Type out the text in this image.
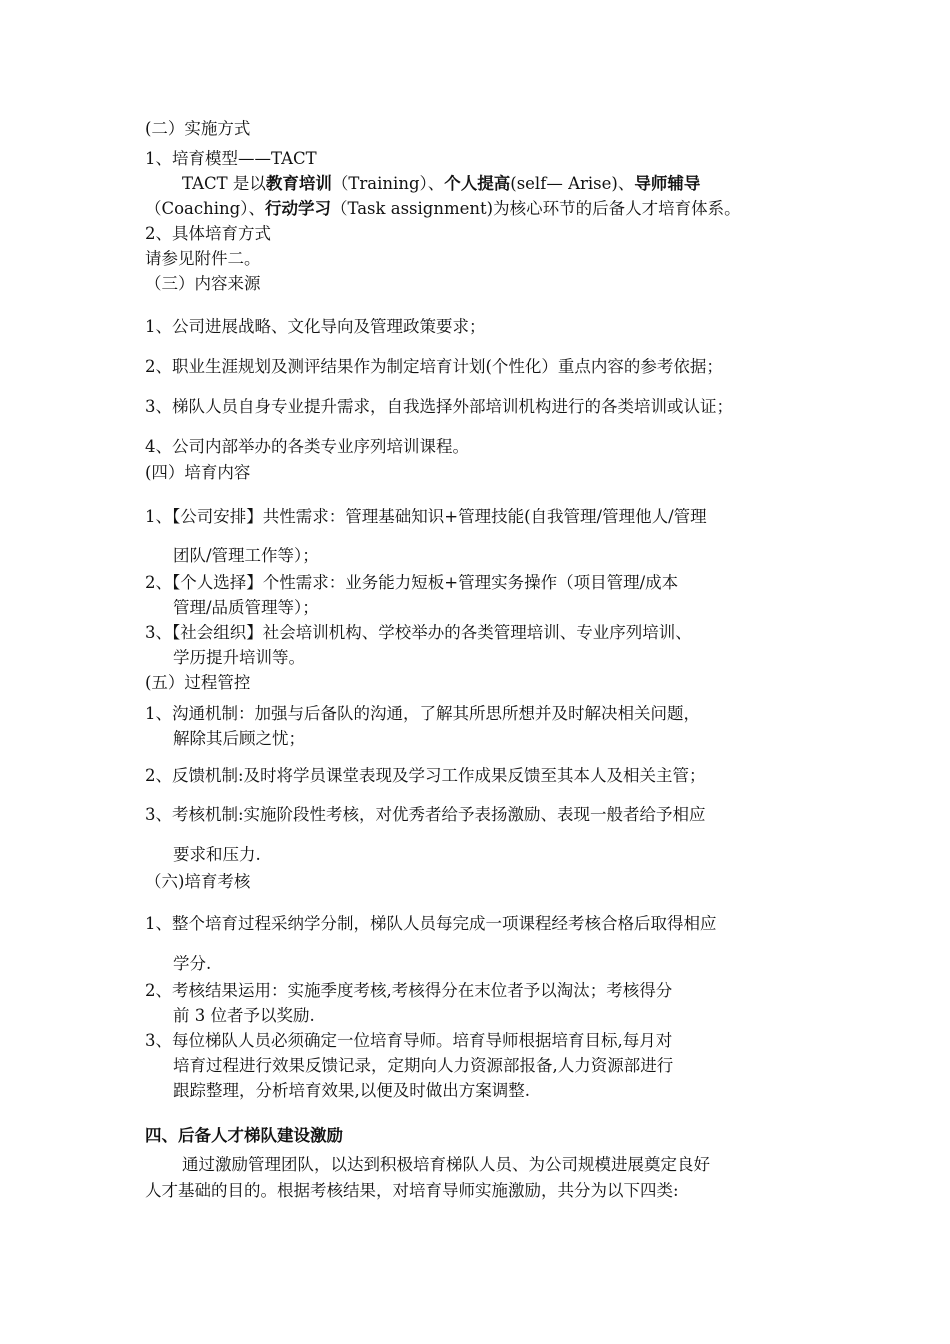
(二）实施方式

1、培育模型——TACT

TACT 是以教育培训（Training）、个人提高(self— Arise)、导师辅导

（Coaching）、行动学习（Task assignment)为核心环节的后备人才培育体系。

2、具体培育方式

请参见附件二。

（三）内容来源

1、公司进展战略、文化导向及管理政策要求；

2、职业生涯规划及测评结果作为制定培育计划(个性化）重点内容的参考依据；

3、梯队人员自身专业提升需求，自我选择外部培训机构进行的各类培训或认证；

4、公司内部举办的各类专业序列培训课程。

(四）培育内容

1、【公司安排】共性需求：管理基础知识+管理技能(自我管理/管理他人/管理

团队/管理工作等）；

2、【个人选择】个性需求：业务能力短板+管理实务操作（项目管理/成本

管理/品质管理等）；

3、【社会组织】社会培训机构、学校举办的各类管理培训、专业序列培训、

学历提升培训等。

(五）过程管控

1、沟通机制：加强与后备队的沟通，了解其所思所想并及时解决相关问题，

解除其后顾之忧；

2、反馈机制:及时将学员课堂表现及学习工作成果反馈至其本人及相关主管；

3、考核机制:实施阶段性考核，对优秀者给予表扬激励、表现一般者给予相应

要求和压力.

（六)培育考核

1、整个培育过程采纳学分制，梯队人员每完成一项课程经考核合格后取得相应

学分.

2、考核结果运用：实施季度考核,考核得分在末位者予以淘汰；考核得分

前 3 位者予以奖励.

3、每位梯队人员必须确定一位培育导师。培育导师根据培育目标,每月对

培育过程进行效果反馈记录，定期向人力资源部报备,人力资源部进行

跟踪整理，分析培育效果,以便及时做出方案调整.

四、后备人才梯队建设激励

通过激励管理团队，以达到积极培育梯队人员、为公司规模进展奠定良好

人才基础的目的。根据考核结果，对培育导师实施激励，共分为以下四类:
